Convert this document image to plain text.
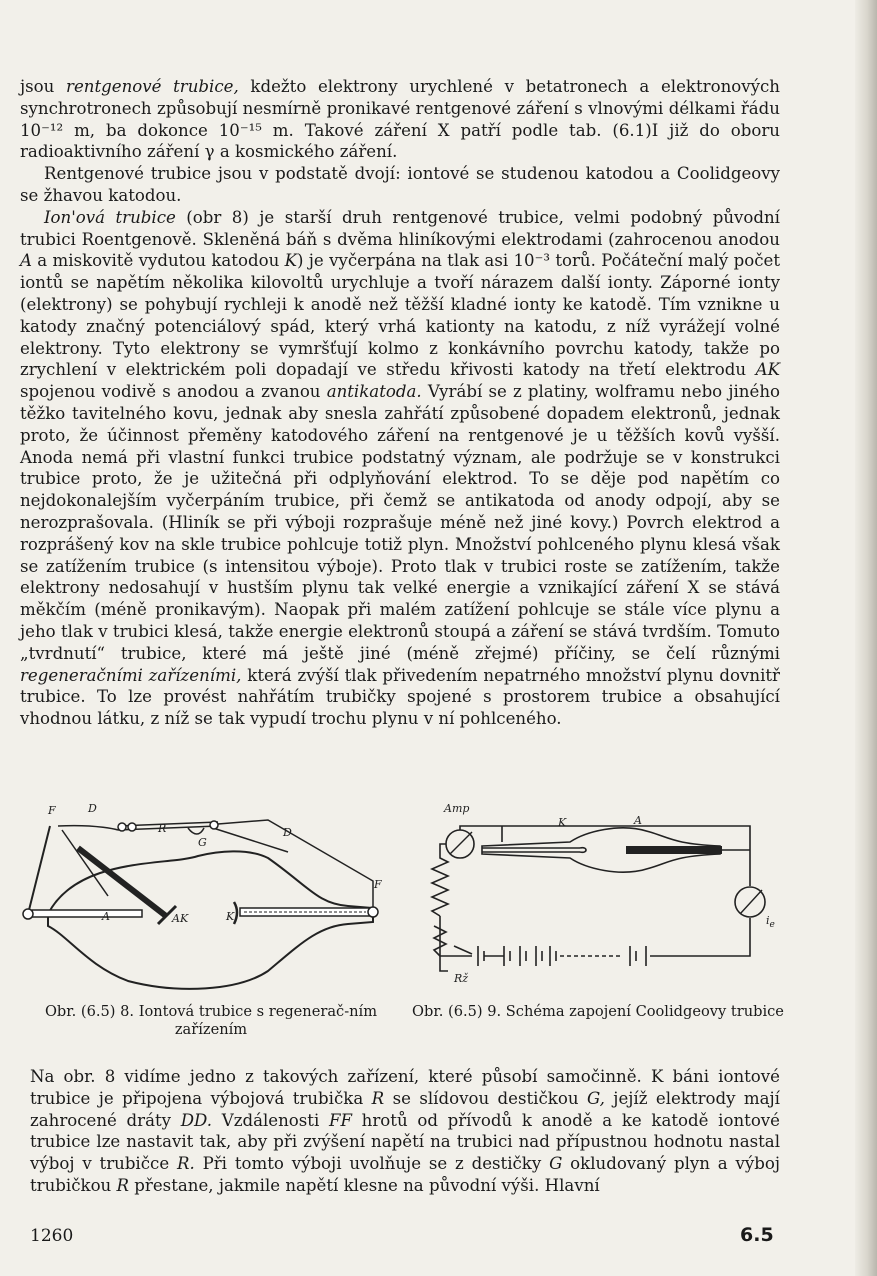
jsou rentgenové trubice, kdežto elektrony urychlené v betatronech a elektronových synchrotronech způsobují nesmírně pronikavé rentgenové záření s vlnovými délkami řádu 10⁻¹² m, ba dokonce 10⁻¹⁵ m. Takové záření X patří podle tab. (6.1)I již do oboru radioaktivního záření γ a kosmického záření.

Rentgenové trubice jsou v podstatě dvojí: iontové se studenou katodou a Coolidgeovy se žhavou katodou.

Ion'ová trubice (obr 8) je starší druh rentgenové trubice, velmi podobný původní trubici Roentgenově. Skleněná báň s dvěma hliníkovými elektrodami (zahrocenou anodou A a miskovitě vydutou katodou K) je vyčerpána na tlak asi 10⁻³ torů. Počáteční malý počet iontů se napětím několika kilovoltů urychluje a tvoří nárazem další ionty. Záporné ionty (elektrony) se pohybují rychleji k anodě než těžší kladné ionty ke katodě. Tím vznikne u katody značný potenciálový spád, který vrhá kationty na katodu, z níž vyrážejí volné elektrony. Tyto elektrony se vymršťují kolmo z konkávního povrchu katody, takže po zrychlení v elektrickém poli dopadají ve středu křivosti katody na třetí elektrodu AK spojenou vodivě s anodou a zvanou antikatoda. Vyrábí se z platiny, wolframu nebo jiného těžko tavitelného kovu, jednak aby snesla zahřátí způsobené dopadem elektronů, jednak proto, že účinnost přeměny katodového záření na rentgenové je u těžších kovů vyšší. Anoda nemá při vlastní funkci trubice podstatný význam, ale podržuje se v konstrukci trubice proto, že je užitečná při odplyňování elektrod. To se děje pod napětím co nejdokonalejším vyčerpáním trubice, při čemž se antikatoda od anody odpojí, aby se nerozprašovala. (Hliník se při výboji rozprašuje méně než jiné kovy.) Povrch elektrod a rozprášený kov na skle trubice pohlcuje totiž plyn. Množství pohlceného plynu klesá však se zatížením trubice (s intensitou výboje). Proto tlak v trubici roste se zatížením, takže elektrony nedosahují v hustším plynu tak velké energie a vznikající záření X se stává měkčím (méně pronikavým). Naopak při malém zatížení pohlcuje se stále více plynu a jeho tlak v trubici klesá, takže energie elektronů stoupá a záření se stává tvrdším. Tomuto „tvrdnutí“ trubice, které má ještě jiné (méně zřejmé) příčiny, se čelí různými regeneračními zařízeními, která zvýší tlak přivedením nepatrného množství plynu dovnitř trubice. To lze provést nahřátím trubičky spojené s prostorem trubice a obsahující vhodnou látku, z níž se tak vypudí trochu plynu v ní pohlceného.

F	D
R
G
D
F
A	AK	K
Amp
K	A
$i_e$
Rž
Obr. (6.5) 8. Iontová trubice s regenerač-ním zařízením
Obr. (6.5) 9. Schéma zapojení Coolidgeovy trubice

Na obr. 8 vidíme jedno z takových zařízení, které působí samočinně. K báni iontové trubice je připojena výbojová trubička R se slídovou destičkou G, jejíž elektrody mají zahrocené dráty DD. Vzdálenosti FF hrotů od přívodů k anodě a ke katodě iontové trubice lze nastavit tak, aby při zvýšení napětí na trubici nad přípustnou hodnotu nastal výboj v trubičce R. Při tomto výboji uvolňuje se z destičky G okludovaný plyn a výboj trubičkou R přestane, jakmile napětí klesne na původní výši. Hlavní

1260	6.5
